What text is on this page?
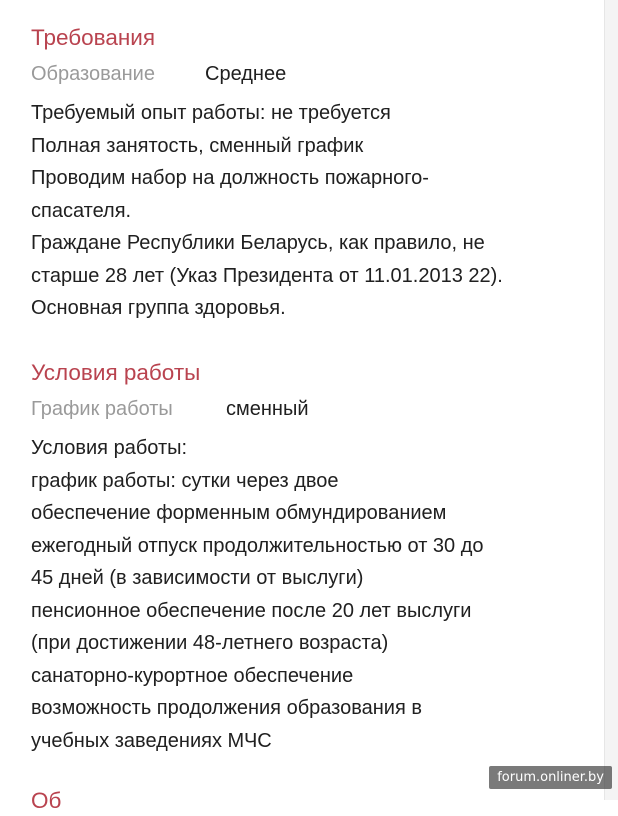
Требования
Образование	Среднее
Требуемый опыт работы: не требуется
Полная занятость, сменный график
Проводим набор на должность пожарного-
спасателя.
Граждане Республики Беларусь, как правило, не
старше 28 лет (Указ Президента от 11.01.2013 22).
Основная группа здоровья.
Условия работы
График работы	сменный
Условия работы:
график работы: сутки через двое
обеспечение форменным обмундированием
ежегодный отпуск продолжительностью от 30 до
45 дней (в зависимости от выслуги)
пенсионное обеспечение после 20 лет выслуги
(при достижении 48-летнего возраста)
санаторно-курортное обеспечение
возможность продолжения образования в
учебных заведениях МЧС
Об
forum.onliner.by
